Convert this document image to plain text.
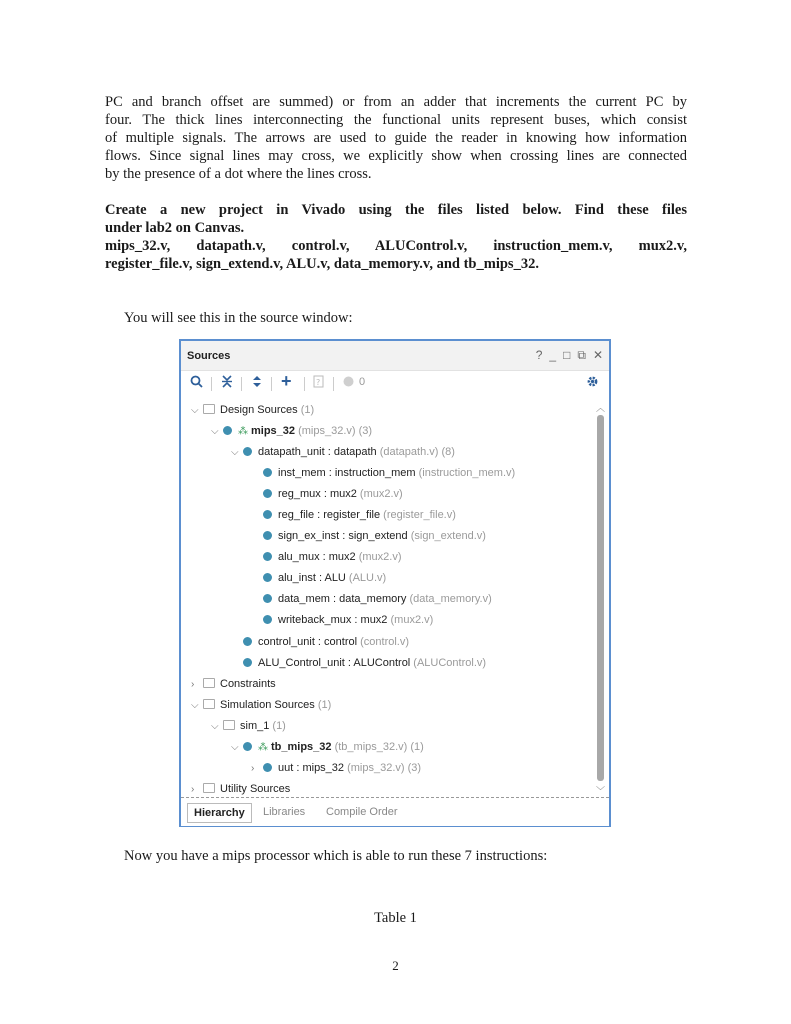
PC and branch offset are summed) or from an adder that increments the current PC by
four. The thick lines interconnecting the functional units represent buses, which consist
of multiple signals. The arrows are used to guide the reader in knowing how information
flows. Since signal lines may cross, we explicitly show when crossing lines are connected
by the presence of a dot where the lines cross.
Create a new project in Vivado using the files listed below. Find these files
under lab2 on Canvas.
mips_32.v, datapath.v, control.v, ALUControl.v, instruction_mem.v, mux2.v,
register_file.v, sign_extend.v, ALU.v, data_memory.v, and tb_mips_32.
You will see this in the source window:
Sources	? _ □ ⧉ ✕
+	?	0
⌵ Design Sources (1)
⌵ ⁂ mips_32 (mips_32.v) (3)
⌵ datapath_unit : datapath (datapath.v) (8)
inst_mem : instruction_mem (instruction_mem.v)
reg_mux : mux2 (mux2.v)
reg_file : register_file (register_file.v)
sign_ex_inst : sign_extend (sign_extend.v)
alu_mux : mux2 (mux2.v)
alu_inst : ALU (ALU.v)
data_mem : data_memory (data_memory.v)
writeback_mux : mux2 (mux2.v)
control_unit : control (control.v)
ALU_Control_unit : ALUControl (ALUControl.v)
› Constraints
⌵ Simulation Sources (1)
⌵ sim_1 (1)
⌵ ⁂ tb_mips_32 (tb_mips_32.v) (1)
› uut : mips_32 (mips_32.v) (3)
› Utility Sources
︿
﹀
Hierarchy	Libraries Compile Order
Now you have a mips processor which is able to run these 7 instructions:
Table 1
2
